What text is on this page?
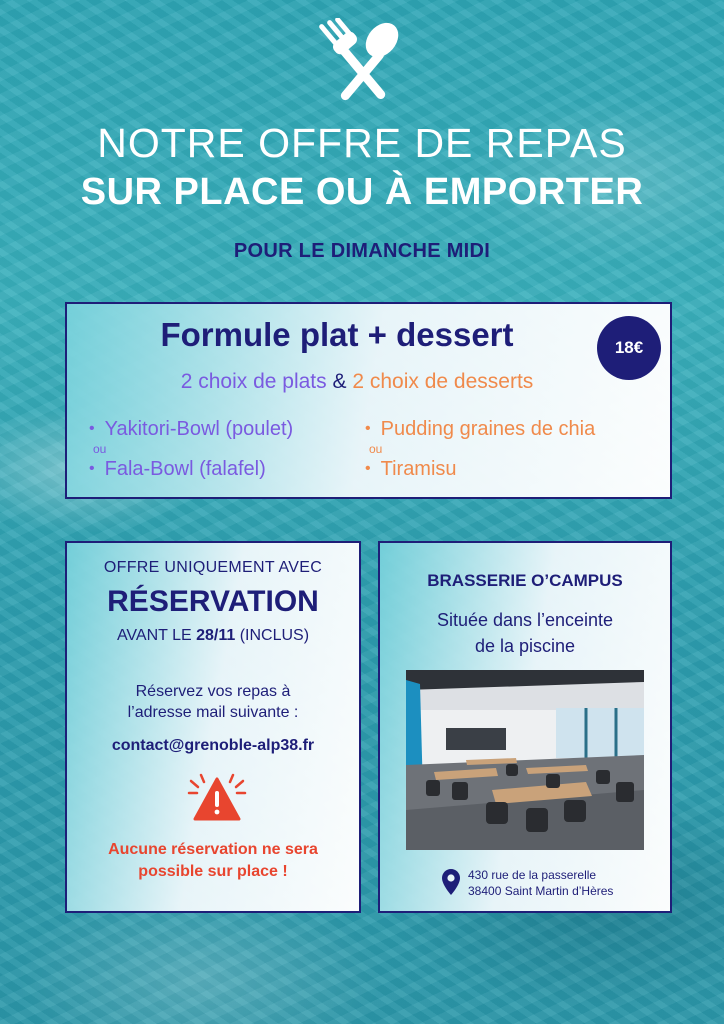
NOTRE OFFRE DE REPAS
SUR PLACE OU À EMPORTER
POUR LE DIMANCHE MIDI
Formule plat + dessert	18€
2 choix de plats & 2 choix de desserts
• Yakitori-Bowl (poulet)
ou
• Fala-Bowl (falafel)
• Pudding graines de chia
ou
• Tiramisu
OFFRE UNIQUEMENT AVEC
RÉSERVATION
AVANT LE 28/11 (INCLUS)
Réservez vos repas à
l’adresse mail suivante :
contact@grenoble-alp38.fr
Aucune réservation ne sera
possible sur place !
BRASSERIE O’CAMPUS
Située dans l’enceinte
de la piscine
430 rue de la passerelle
38400 Saint Martin d’Hères
